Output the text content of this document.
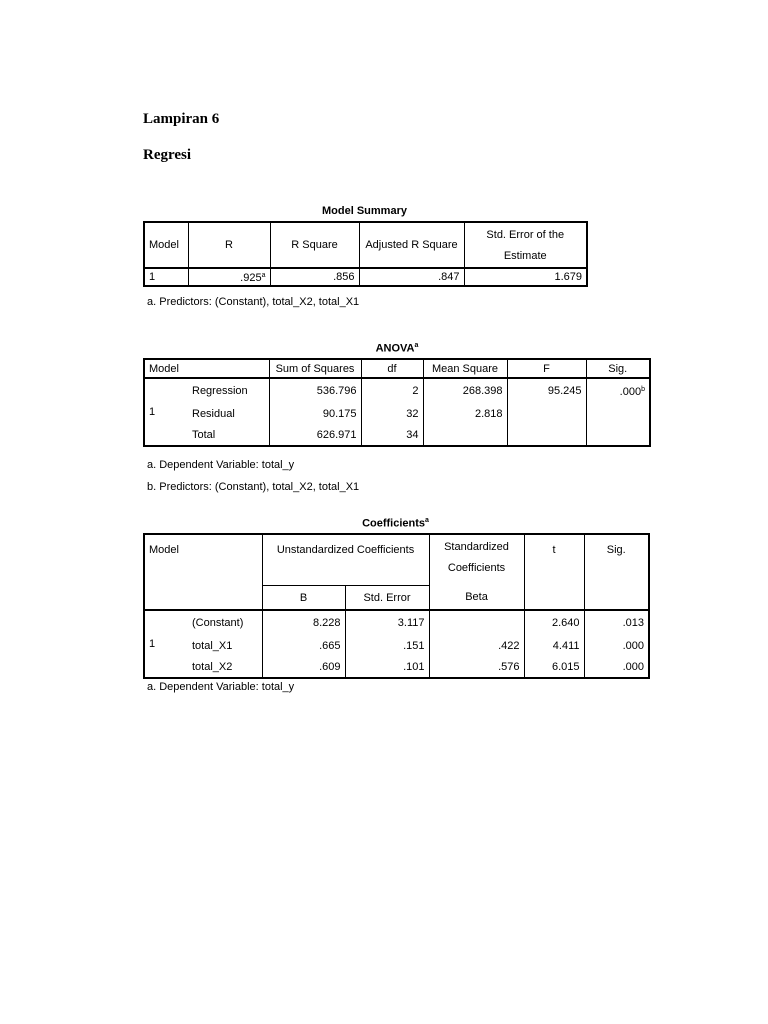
Lampiran 6
Regresi
Model Summary
Model	R	R Square	Adjusted R Square	Std. Error of the
Estimate

1	.925$^a$	.856	.847	1.679
a. Predictors: (Constant), total_X2, total_X1
ANOVA$^a$
Model		Sum of Squares	df	Mean Square	F	Sig.
1	Regression	536.796	2	268.398	95.245	.000$^b$
	Residual	90.175	32	2.818		
	Total	626.971	34			
a. Dependent Variable: total_y
b. Predictors: (Constant), total_X2, total_X1
Coefficients$^a$
Model		Unstandardized Coefficients		Standardized
Coefficients	t	Sig.
		B	Std. Error	Beta		
1	(Constant)	8.228	3.117		2.640	.013
	total_X1	.665	.151	.422	4.411	.000
	total_X2	.609	.101	.576	6.015	.000
a. Dependent Variable: total_y
